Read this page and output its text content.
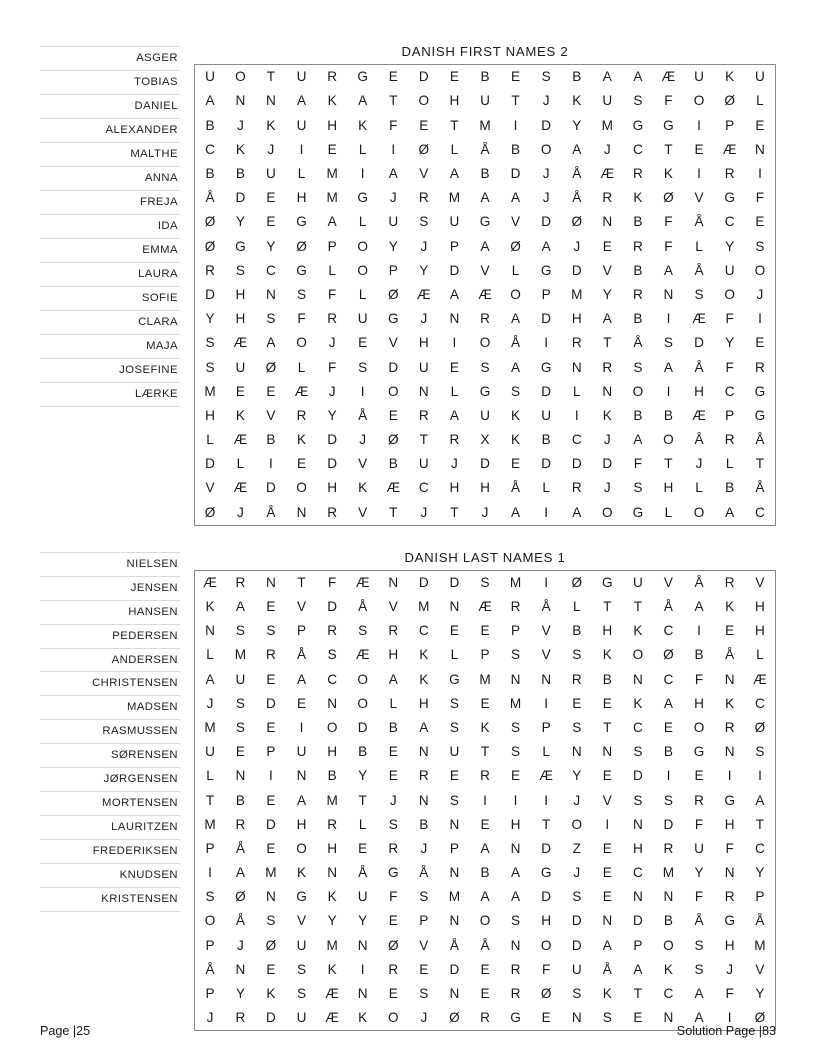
ASGER
TOBIAS
DANIEL
ALEXANDER
MALTHE
ANNA
FREJA
IDA
EMMA
LAURA
SOFIE
CLARA
MAJA
JOSEFINE
LÆRKE
DANISH FIRST NAMES 2
U	O	T	U	R	G	E	D	E	B	E	S	B	A	A	Æ	U	K	U
A	N	N	A	K	A	T	O	H	U	T	J	K	U	S	F	O	Ø	L
B	J	K	U	H	K	F	E	T	M	I	D	Y	M	G	G	I	P	E
C	K	J	I	E	L	I	Ø	L	Å	B	O	A	J	C	T	E	Æ	N
B	B	U	L	M	I	A	V	A	B	D	J	Å	Æ	R	K	I	R	I
Å	D	E	H	M	G	J	R	M	A	A	J	Å	R	K	Ø	V	G	F
Ø	Y	E	G	A	L	U	S	U	G	V	D	Ø	N	B	F	Å	C	E
Ø	G	Y	Ø	P	O	Y	J	P	A	Ø	A	J	E	R	F	L	Y	S
R	S	C	G	L	O	P	Y	D	V	L	G	D	V	B	A	Å	U	O
D	H	N	S	F	L	Ø	Æ	A	Æ	O	P	M	Y	R	N	S	O	J
Y	H	S	F	R	U	G	J	N	R	A	D	H	A	B	I	Æ	F	I
S	Æ	A	O	J	E	V	H	I	O	Å	I	R	T	Å	S	D	Y	E
S	U	Ø	L	F	S	D	U	E	S	A	G	N	R	S	A	Å	F	R
M	E	E	Æ	J	I	O	N	L	G	S	D	L	N	O	I	H	C	G
H	K	V	R	Y	Å	E	R	A	U	K	U	I	K	B	B	Æ	P	G
L	Æ	B	K	D	J	Ø	T	R	X	K	B	C	J	A	O	Å	R	Å
D	L	I	E	D	V	B	U	J	D	E	D	D	D	F	T	J	L	T
V	Æ	D	O	H	K	Æ	C	H	H	Å	L	R	J	S	H	L	B	Å
Ø	J	Å	N	R	V	T	J	T	J	A	I	A	O	G	L	O	A	C
NIELSEN
JENSEN
HANSEN
PEDERSEN
ANDERSEN
CHRISTENSEN
MADSEN
RASMUSSEN
SØRENSEN
JØRGENSEN
MORTENSEN
LAURITZEN
FREDERIKSEN
KNUDSEN
KRISTENSEN
DANISH LAST NAMES 1
Æ	R	N	T	F	Æ	N	D	D	S	M	I	Ø	G	U	V	Å	R	V
K	A	E	V	D	Å	V	M	N	Æ	R	Å	L	T	T	Å	A	K	H
N	S	S	P	R	S	R	C	E	E	P	V	B	H	K	C	I	E	H
L	M	R	Å	S	Æ	H	K	L	P	S	V	S	K	O	Ø	B	Å	L
A	U	E	A	C	O	A	K	G	M	N	N	R	B	N	C	F	N	Æ
J	S	D	E	N	O	L	H	S	E	M	I	E	E	K	A	H	K	C
M	S	E	I	O	D	B	A	S	K	S	P	S	T	C	E	O	R	Ø
U	E	P	U	H	B	E	N	U	T	S	L	N	N	S	B	G	N	S
L	N	I	N	B	Y	E	R	E	R	E	Æ	Y	E	D	I	E	I	I
T	B	E	A	M	T	J	N	S	I	I	I	J	V	S	S	R	G	A
M	R	D	H	R	L	S	B	N	E	H	T	O	I	N	D	F	H	T
P	Å	E	O	H	E	R	J	P	A	N	D	Z	E	H	R	U	F	C
I	A	M	K	N	Å	G	Å	N	B	A	G	J	E	C	M	Y	N	Y
S	Ø	N	G	K	U	F	S	M	A	A	D	S	E	N	N	F	R	P
O	Å	S	V	Y	Y	E	P	N	O	S	H	D	N	D	B	Å	G	Å
P	J	Ø	U	M	N	Ø	V	Å	Å	N	O	D	A	P	O	S	H	M
Å	N	E	S	K	I	R	E	D	E	R	F	U	Å	A	K	S	J	V
P	Y	K	S	Æ	N	E	S	N	E	R	Ø	S	K	T	C	A	F	Y
J	R	D	U	Æ	K	O	J	Ø	R	G	E	N	S	E	N	A	I	Ø
Page |25	Solution Page |83
